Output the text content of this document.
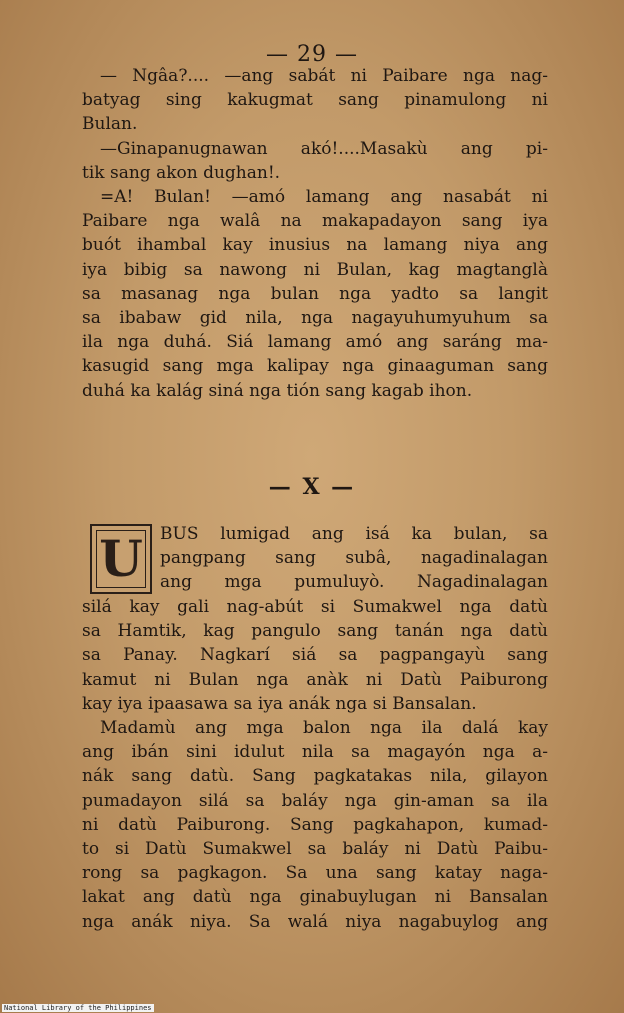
— 29 —
— Ngâa?.... —ang sabát ni Paibare nga nag-
batyag sing kakugmat sang pinamulong ni
Bulan.
—Ginapanugnawan akó!....Masakù ang pi-
tik sang akon dughan!.
=A! Bulan! —amó lamang ang nasabát ni
Paibare nga walâ na makapadayon sang iya
buót ihambal kay inusius na lamang niya ang
iya bibig sa nawong ni Bulan, kag magtanglà
sa masanag nga bulan nga yadto sa langit
sa ibabaw gid nila, nga nagayuhumyuhum sa
ila nga duhá. Siá lamang amó ang saráng ma-
kasugid sang mga kalipay nga ginaaguman sang
duhá ka kalág siná nga tión sang kagab ihon.
— X —
U BUS lumigad ang isá ka bulan, sa
pangpang sang subâ, nagadinalagan
ang mga pumuluyò. Nagadinalagan
silá kay gali nag-abút si Sumakwel nga datù
sa Hamtik, kag pangulo sang tanán nga datù
sa Panay. Nagkarí siá sa pagpangayù sang
kamut ni Bulan nga anàk ni Datù Paiburong
kay iya ipaasawa sa iya anák nga si Bansalan.
Madamù ang mga balon nga ila dalá kay
ang ibán sini idulut nila sa magayón nga a-
nák sang datù. Sang pagkatakas nila, gilayon
pumadayon silá sa baláy nga gin-aman sa ila
ni datù Paiburong. Sang pagkahapon, kumad-
to si Datù Sumakwel sa baláy ni Datù Paibu-
rong sa pagkagon. Sa una sang katay naga-
lakat ang datù nga ginabuylugan ni Bansalan
nga anák niya. Sa walá niya nagabuylog ang
National Library of the Philippines
